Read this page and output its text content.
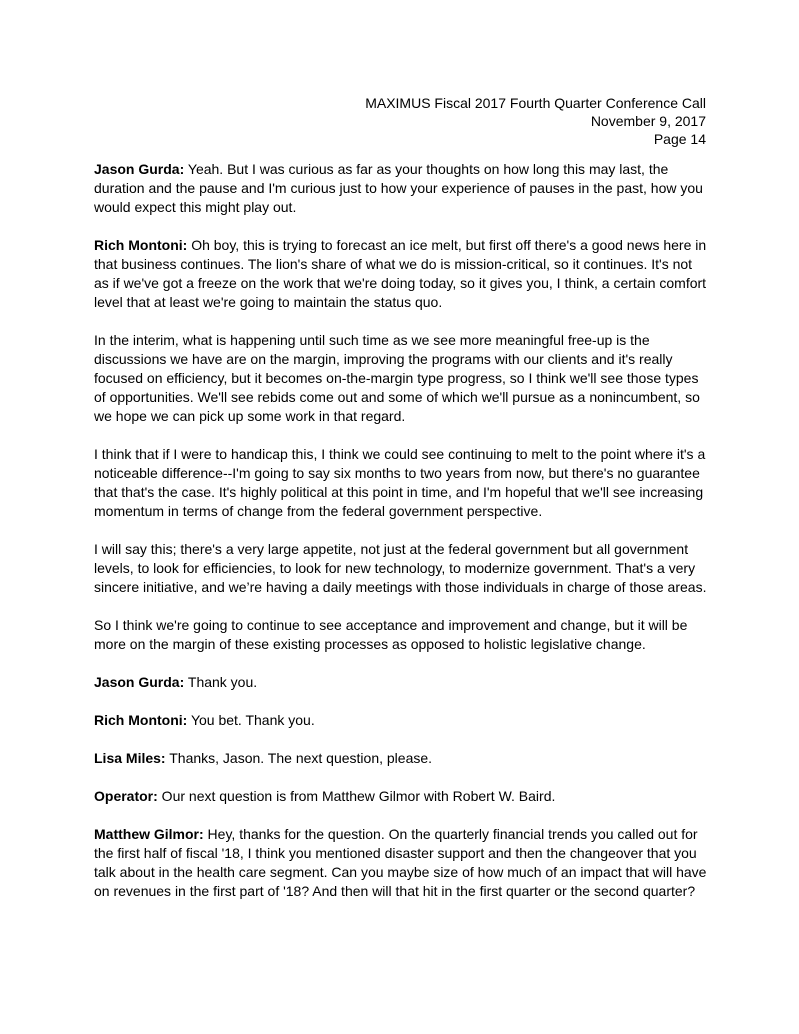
MAXIMUS Fiscal 2017 Fourth Quarter Conference Call
November 9, 2017
Page 14

Jason Gurda: Yeah. But I was curious as far as your thoughts on how long this may last, the duration and the pause and I'm curious just to how your experience of pauses in the past, how you would expect this might play out.

Rich Montoni: Oh boy, this is trying to forecast an ice melt, but first off there's a good news here in that business continues. The lion's share of what we do is mission-critical, so it continues. It's not as if we've got a freeze on the work that we're doing today, so it gives you, I think, a certain comfort level that at least we're going to maintain the status quo.

In the interim, what is happening until such time as we see more meaningful free-up is the discussions we have are on the margin, improving the programs with our clients and it's really focused on efficiency, but it becomes on-the-margin type progress, so I think we'll see those types of opportunities. We'll see rebids come out and some of which we'll pursue as a nonincumbent, so we hope we can pick up some work in that regard.

I think that if I were to handicap this, I think we could see continuing to melt to the point where it's a noticeable difference--I'm going to say six months to two years from now, but there's no guarantee that that's the case. It's highly political at this point in time, and I'm hopeful that we'll see increasing momentum in terms of change from the federal government perspective.

I will say this; there's a very large appetite, not just at the federal government but all government levels, to look for efficiencies, to look for new technology, to modernize government. That's a very sincere initiative, and we’re having a daily meetings with those individuals in charge of those areas.

So I think we're going to continue to see acceptance and improvement and change, but it will be more on the margin of these existing processes as opposed to holistic legislative change.

Jason Gurda: Thank you.

Rich Montoni: You bet. Thank you.

Lisa Miles: Thanks, Jason. The next question, please.

Operator: Our next question is from Matthew Gilmor with Robert W. Baird.

Matthew Gilmor: Hey, thanks for the question. On the quarterly financial trends you called out for the first half of fiscal '18, I think you mentioned disaster support and then the changeover that you talk about in the health care segment. Can you maybe size of how much of an impact that will have on revenues in the first part of '18? And then will that hit in the first quarter or the second quarter?
